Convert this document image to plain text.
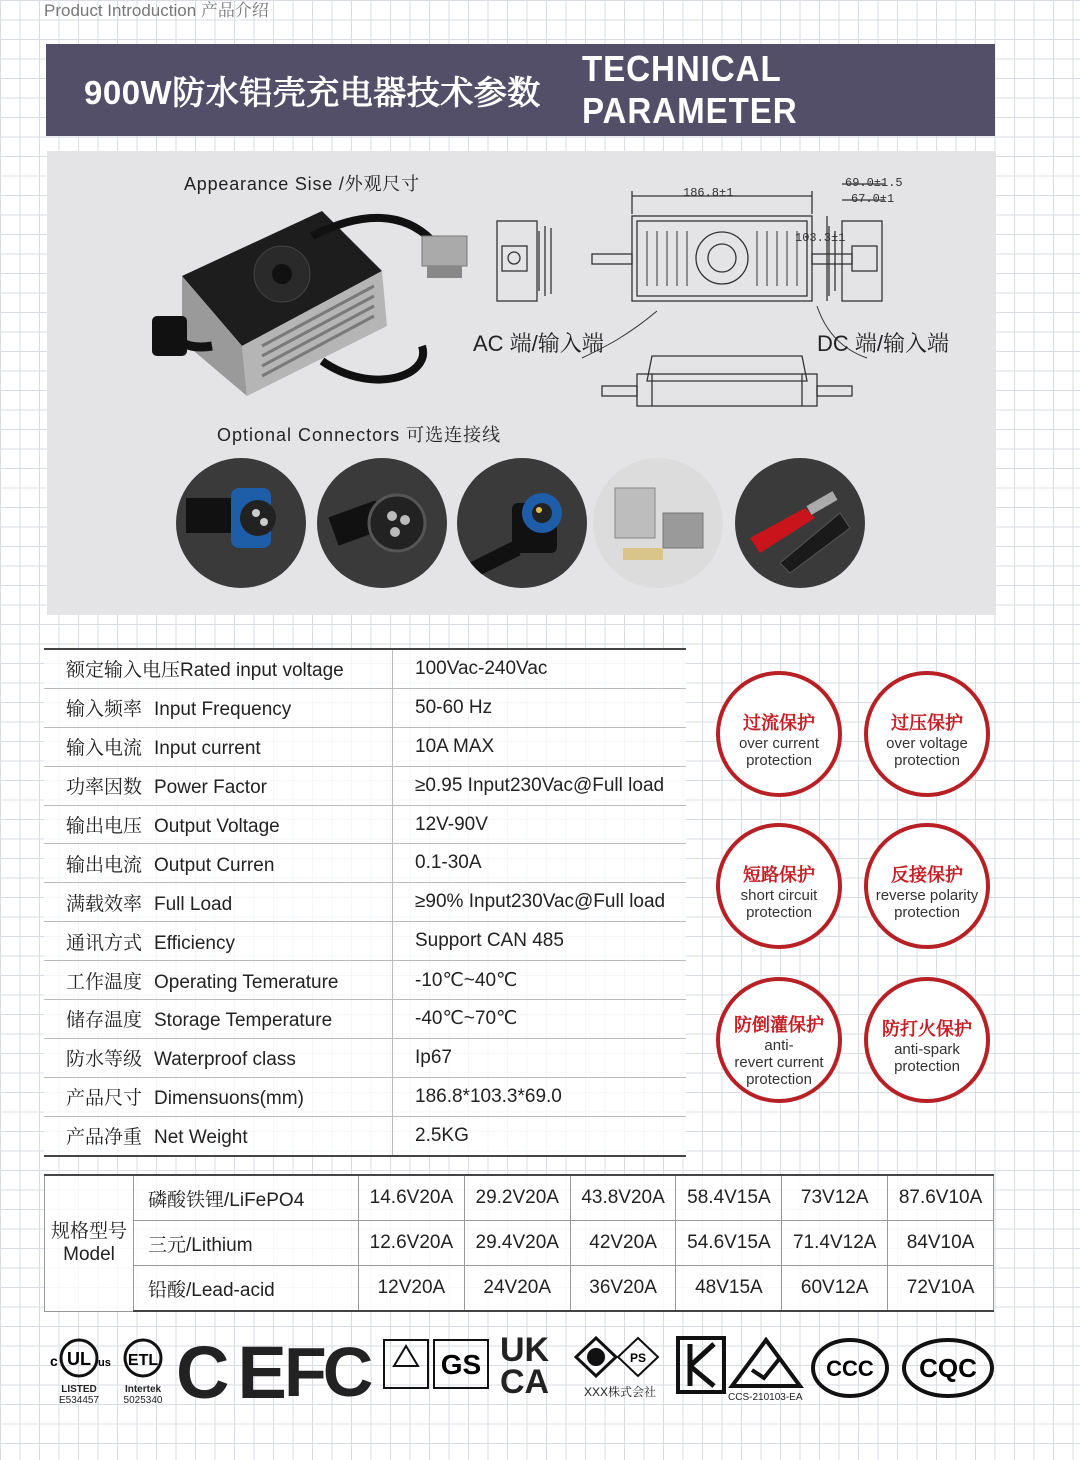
Product Introduction 产品介绍
900W防水铝壳充电器技术参数
TECHNICAL PARAMETER
Appearance Sise /外观尺寸	186.8±1
103.3±1
69.0±1.5
67.0±1
AC 端/输入端	DC 端/输入端
Optional Connectors 可选连接线
额定输入电压Rated input voltage	100Vac-240Vac
输入频率 Input Frequency	50-60 Hz
输入电流 Input current	10A MAX
功率因数 Power Factor	≥0.95 Input230Vac@Full load
输出电压 Output Voltage	12V-90V
输出电流 Output Curren	0.1-30A
满载效率 Full Load	≥90% Input230Vac@Full load
通讯方式 Efficiency	Support CAN 485
工作温度 Operating Temerature	-10℃~40℃
储存温度 Storage Temperature	-40℃~70℃
防水等级 Waterproof class	Ip67
产品尺寸 Dimensuons(mm)	186.8*103.3*69.0
产品净重 Net Weight	2.5KG
过流保护
over current
protection
过压保护
over voltage
protection
短路保护
short circuit
protection
反接保护
reverse polarity
protection
防倒灌保护
anti-
revert current
protection
防打火保护
anti-spark
protection
规格型号
Model	磷酸铁锂/LiFePO4	14.6V20A	29.2V20A	43.8V20A	58.4V15A	73V12A	87.6V10A
	三元/Lithium	12.6V20A	29.4V20A	42V20A	54.6V15A	71.4V12A	84V10A
	铅酸/Lead-acid	12V20A	24V20A	36V20A	48V15A	60V12A	72V10A
UL
c	us
LISTED
E534457
ETL
Intertek
5025340 CE
FC	GS UK
CA
PS
XXX株式会社	CCS-210103-EA
CCC CQC
